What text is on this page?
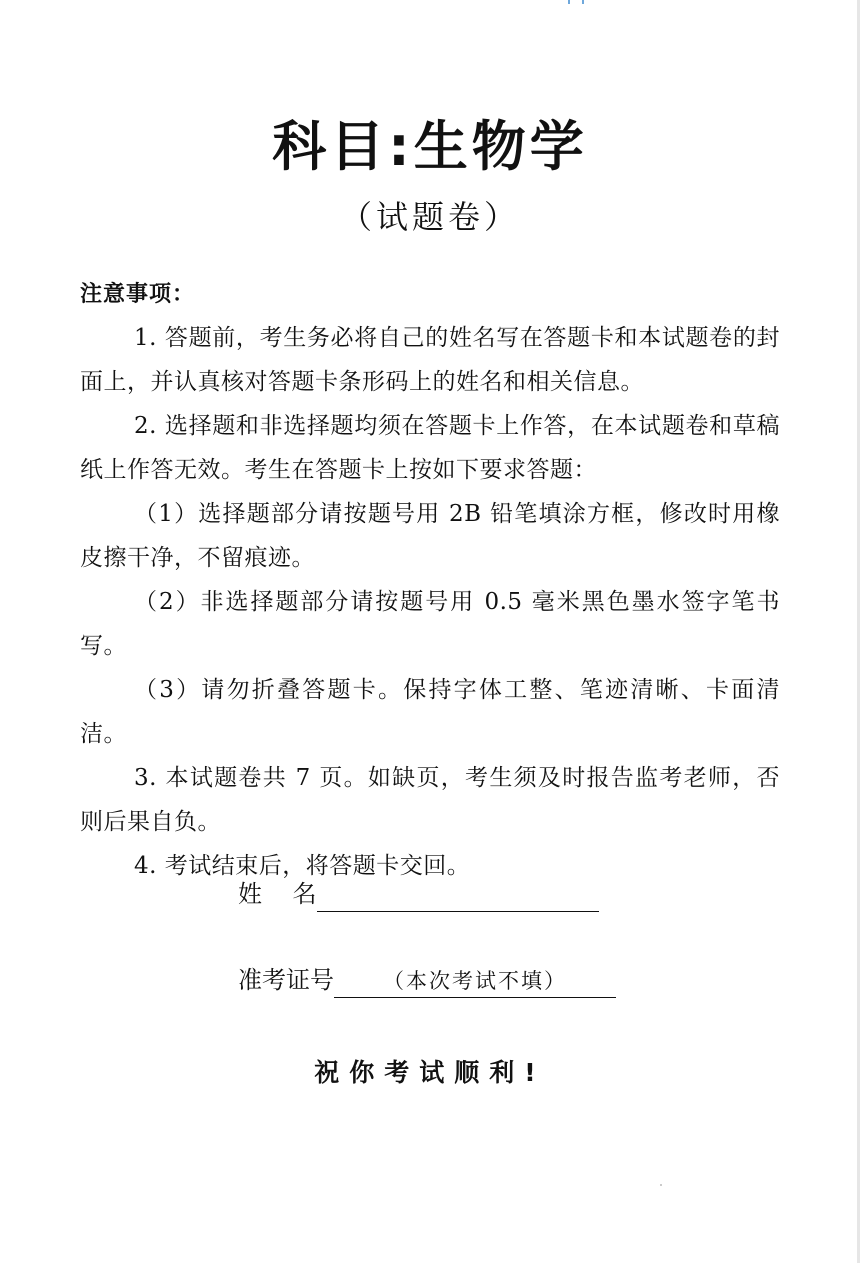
科目:生物学
（试题卷）
注意事项：

1. 答题前，考生务必将自己的姓名写在答题卡和本试题卷的封面上，并认真核对答题卡条形码上的姓名和相关信息。

2. 选择题和非选择题均须在答题卡上作答，在本试题卷和草稿纸上作答无效。考生在答题卡上按如下要求答题：

（1）选择题部分请按题号用 2B 铅笔填涂方框，修改时用橡皮擦干净，不留痕迹。

（2）非选择题部分请按题号用 0.5 毫米黑色墨水签字笔书写。

（3）请勿折叠答题卡。保持字体工整、笔迹清晰、卡面清洁。

3. 本试题卷共 7 页。如缺页，考生须及时报告监考老师，否则后果自负。

4. 考试结束后，将答题卡交回。

姓    名
准考证号	（本次考试不填）
祝你考试顺利!
